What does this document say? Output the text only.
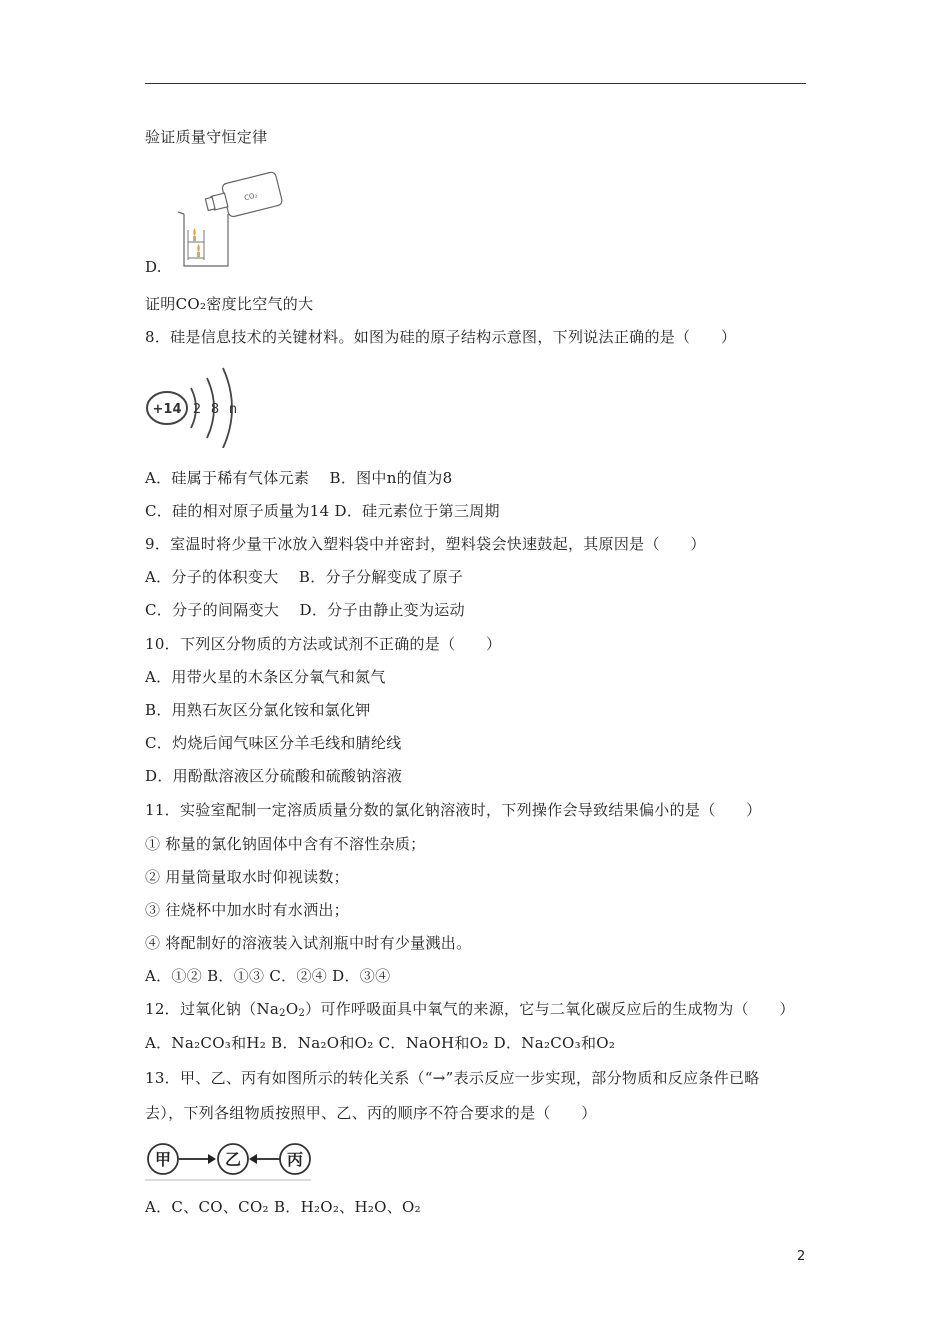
验证质量守恒定律
CO₂
D.
证明CO₂密度比空气的大
8．硅是信息技术的关键材料。如图为硅的原子结构示意图，下列说法正确的是（　　）
+14 2 8 n
A．硅属于稀有气体元素　 B．图中n的值为8
C．硅的相对原子质量为14 D．硅元素位于第三周期
9．室温时将少量干冰放入塑料袋中并密封，塑料袋会快速鼓起，其原因是（　　）
A．分子的体积变大　 B．分子分解变成了原子
C．分子的间隔变大　 D．分子由静止变为运动
10．下列区分物质的方法或试剂不正确的是（　　）
A．用带火星的木条区分氧气和氮气
B．用熟石灰区分氯化铵和氯化钾
C．灼烧后闻气味区分羊毛线和腈纶线
D．用酚酞溶液区分硫酸和硫酸钠溶液
11．实验室配制一定溶质质量分数的氯化钠溶液时，下列操作会导致结果偏小的是（　　）
① 称量的氯化钠固体中含有不溶性杂质；
② 用量筒量取水时仰视读数；
③ 往烧杯中加水时有水洒出；
④ 将配制好的溶液装入试剂瓶中时有少量溅出。
A．①② B．①③ C．②④ D．③④
12．过氧化钠$(Na_2O_2)$可作呼吸面具中氧气的来源，它与二氧化碳反应后的生成物为（　　）
A．Na₂CO₃和H₂ B．Na₂O和O₂ C．NaOH和O₂ D．Na₂CO₃和O₂
13．甲、乙、丙有如图所示的转化关系（“→”表示反应一步实现，部分物质和反应条件已略
去），下列各组物质按照甲、乙、丙的顺序不符合要求的是（　　）
甲	乙	丙
A．C、CO、CO₂ B．H₂O₂、H₂O、O₂
2
